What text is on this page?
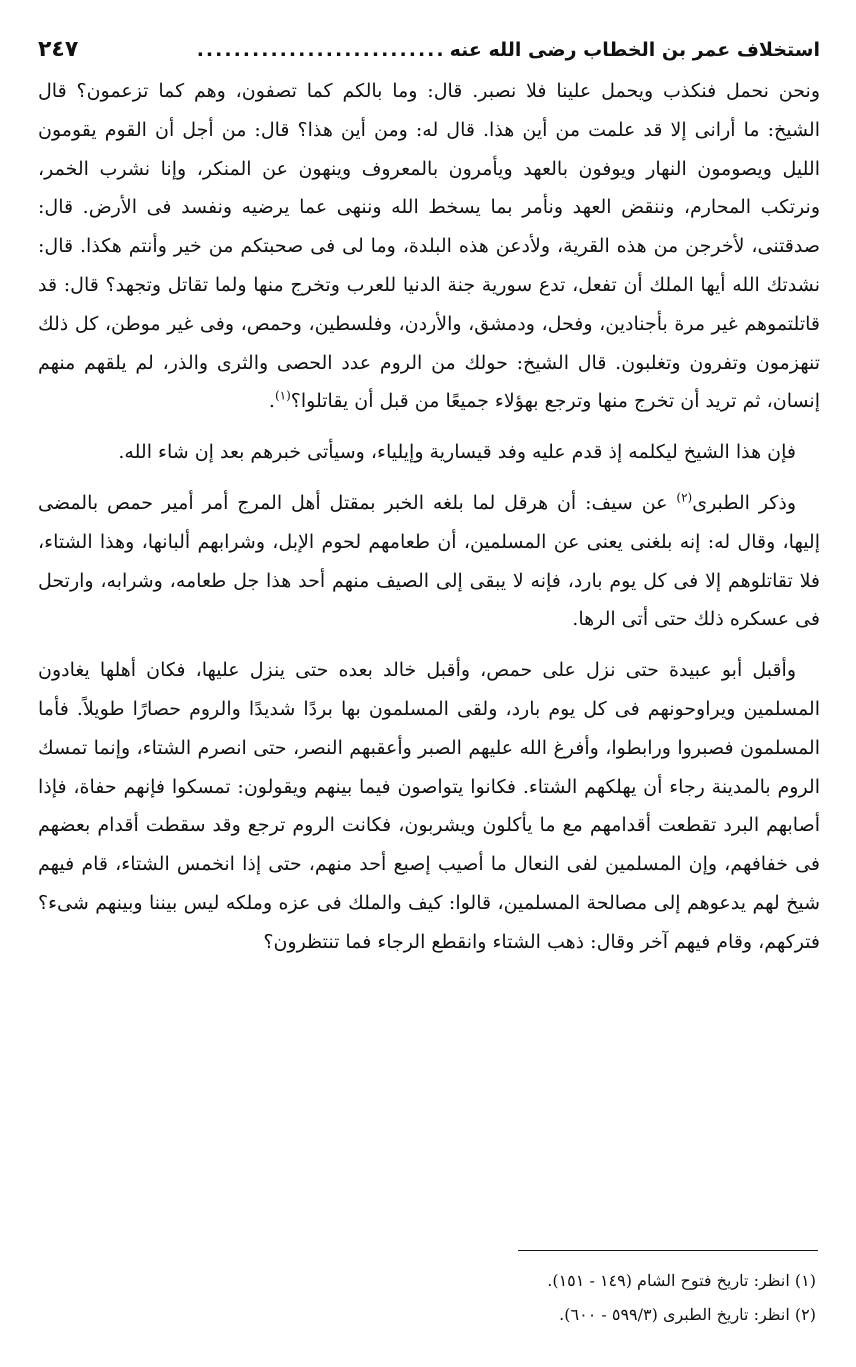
استخلاف عمر بن الخطاب رضى الله عنه
...........................
٢٤٧

ونحن نحمل فنكذب ويحمل علينا فلا نصبر. قال: وما بالكم كما تصفون، وهم كما تزعمون؟ قال الشيخ: ما أرانى إلا قد علمت من أين هذا. قال له: ومن أين هذا؟ قال: من أجل أن القوم يقومون الليل ويصومون النهار ويوفون بالعهد ويأمرون بالمعروف وينهون عن المنكر، وإنا نشرب الخمر، ونرتكب المحارم، وننقض العهد ونأمر بما يسخط الله وننهى عما يرضيه ونفسد فى الأرض. قال: صدقتنى، لأخرجن من هذه القرية، ولأدعن هذه البلدة، وما لى فى صحبتكم من خير وأنتم هكذا. قال: نشدتك الله أيها الملك أن تفعل، تدع سورية جنة الدنيا للعرب وتخرج منها ولما تقاتل وتجهد؟ قال: قد قاتلتموهم غير مرة بأجنادين، وفحل، ودمشق، والأردن، وفلسطين، وحمص، وفى غير موطن، كل ذلك تنهزمون وتفرون وتغلبون. قال الشيخ: حولك من الروم عدد الحصى والثرى والذر، لم يلقهم منهم إنسان، ثم تريد أن تخرج منها وترجع بهؤلاء جميعًا من قبل أن يقاتلوا؟$^{(١)}$.

فإن هذا الشيخ ليكلمه إذ قدم عليه وفد قيسارية وإيلياء، وسيأتى خبرهم بعد إن شاء الله.

وذكر الطبرى$^{(٢)}$ عن سيف: أن هرقل لما بلغه الخبر بمقتل أهل المرج أمر أمير حمص بالمضى إليها، وقال له: إنه بلغنى يعنى عن المسلمين، أن طعامهم لحوم الإبل، وشرابهم ألبانها، وهذا الشتاء، فلا تقاتلوهم إلا فى كل يوم بارد، فإنه لا يبقى إلى الصيف منهم أحد هذا جل طعامه، وشرابه، وارتحل فى عسكره ذلك حتى أتى الرها.

وأقبل أبو عبيدة حتى نزل على حمص، وأقبل خالد بعده حتى ينزل عليها، فكان أهلها يغادون المسلمين ويراوحونهم فى كل يوم بارد، ولقى المسلمون بها بردًا شديدًا والروم حصارًا طويلاً. فأما المسلمون فصبروا ورابطوا، وأفرغ الله عليهم الصبر وأعقبهم النصر، حتى انصرم الشتاء، وإنما تمسك الروم بالمدينة رجاء أن يهلكهم الشتاء. فكانوا يتواصون فيما بينهم ويقولون: تمسكوا فإنهم حفاة، فإذا أصابهم البرد تقطعت أقدامهم مع ما يأكلون ويشربون، فكانت الروم ترجع وقد سقطت أقدام بعضهم فى خفافهم، وإن المسلمين لفى النعال ما أصيب إصبع أحد منهم، حتى إذا انخمس الشتاء، قام فيهم شيخ لهم يدعوهم إلى مصالحة المسلمين، قالوا: كيف والملك فى عزه وملكه ليس بيننا وبينهم شىء؟ فتركهم، وقام فيهم آخر وقال: ذهب الشتاء وانقطع الرجاء فما تنتظرون؟

(١) انظر: تاريخ فتوح الشام (١٤٩ - ١٥١).

(٢) انظر: تاريخ الطبرى (٥٩٩/٣ - ٦٠٠).
